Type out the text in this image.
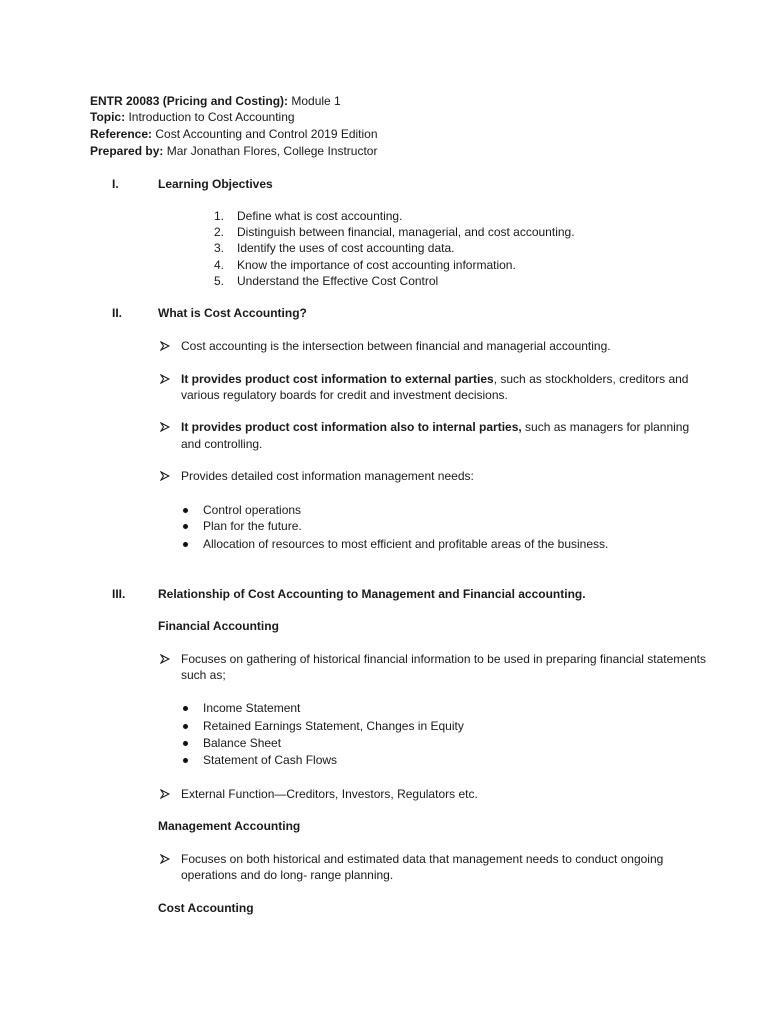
ENTR 20083 (Pricing and Costing): Module 1
Topic: Introduction to Cost Accounting
Reference: Cost Accounting and Control 2019 Edition
Prepared by: Mar Jonathan Flores, College Instructor
I.	Learning Objectives
1. Define what is cost accounting.
2. Distinguish between financial, managerial, and cost accounting.
3. Identify the uses of cost accounting data.
4. Know the importance of cost accounting information.
5. Understand the Effective Cost Control
II.	What is Cost Accounting?
Cost accounting is the intersection between financial and managerial accounting.
It provides product cost information to external parties, such as stockholders, creditors and
various regulatory boards for credit and investment decisions.
It provides product cost information also to internal parties, such as managers for planning
and controlling.
Provides detailed cost information management needs:
Control operations
Plan for the future.
Allocation of resources to most efficient and profitable areas of the business.
III.	Relationship of Cost Accounting to Management and Financial accounting.
Financial Accounting
Focuses on gathering of historical financial information to be used in preparing financial statements
such as;
Income Statement
Retained Earnings Statement, Changes in Equity
Balance Sheet
Statement of Cash Flows
External Function—Creditors, Investors, Regulators etc.
Management Accounting
Focuses on both historical and estimated data that management needs to conduct ongoing
operations and do long- range planning.
Cost Accounting
